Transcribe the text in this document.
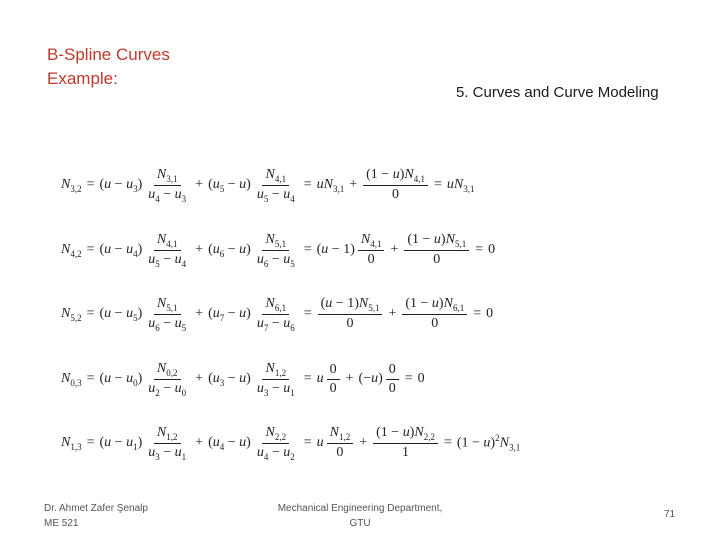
B-Spline Curves
Example:
5. Curves and Curve Modeling
$N_{3,2} = (u - u_3) \frac{N_{3,1}}{u_4 - u_3} + (u_5 - u) \frac{N_{4,1}}{u_5 - u_4} = uN_{3,1} + \frac{(1 - u)N_{4,1}}{0} = uN_{3,1}$
$N_{4,2} = (u - u_4) \frac{N_{4,1}}{u_5 - u_4} + (u_6 - u) \frac{N_{5,1}}{u_6 - u_5} = (u - 1) \frac{N_{4,1}}{0} + \frac{(1 - u)N_{5,1}}{0} = 0$
$N_{5,2} = (u - u_5) \frac{N_{5,1}}{u_6 - u_5} + (u_7 - u) \frac{N_{6,1}}{u_7 - u_6} = \frac{(u - 1)N_{5,1}}{0} + \frac{(1 - u)N_{6,1}}{0} = 0$
$N_{0,3} = (u - u_0) \frac{N_{0,2}}{u_2 - u_0} + (u_3 - u) \frac{N_{1,2}}{u_3 - u_1} = u \frac{0}{0} + (-u) \frac{0}{0} = 0$
$N_{1,3} = (u - u_1) \frac{N_{1,2}}{u_3 - u_1} + (u_4 - u) \frac{N_{2,2}}{u_4 - u_2} = u \frac{N_{1,2}}{0} + \frac{(1 - u)N_{2,2}}{1} = (1 - u)^2N_{3,1}$
Dr. Ahmet Zafer Şenalp
ME 521
Mechanical Engineering Department,
GTU
71
